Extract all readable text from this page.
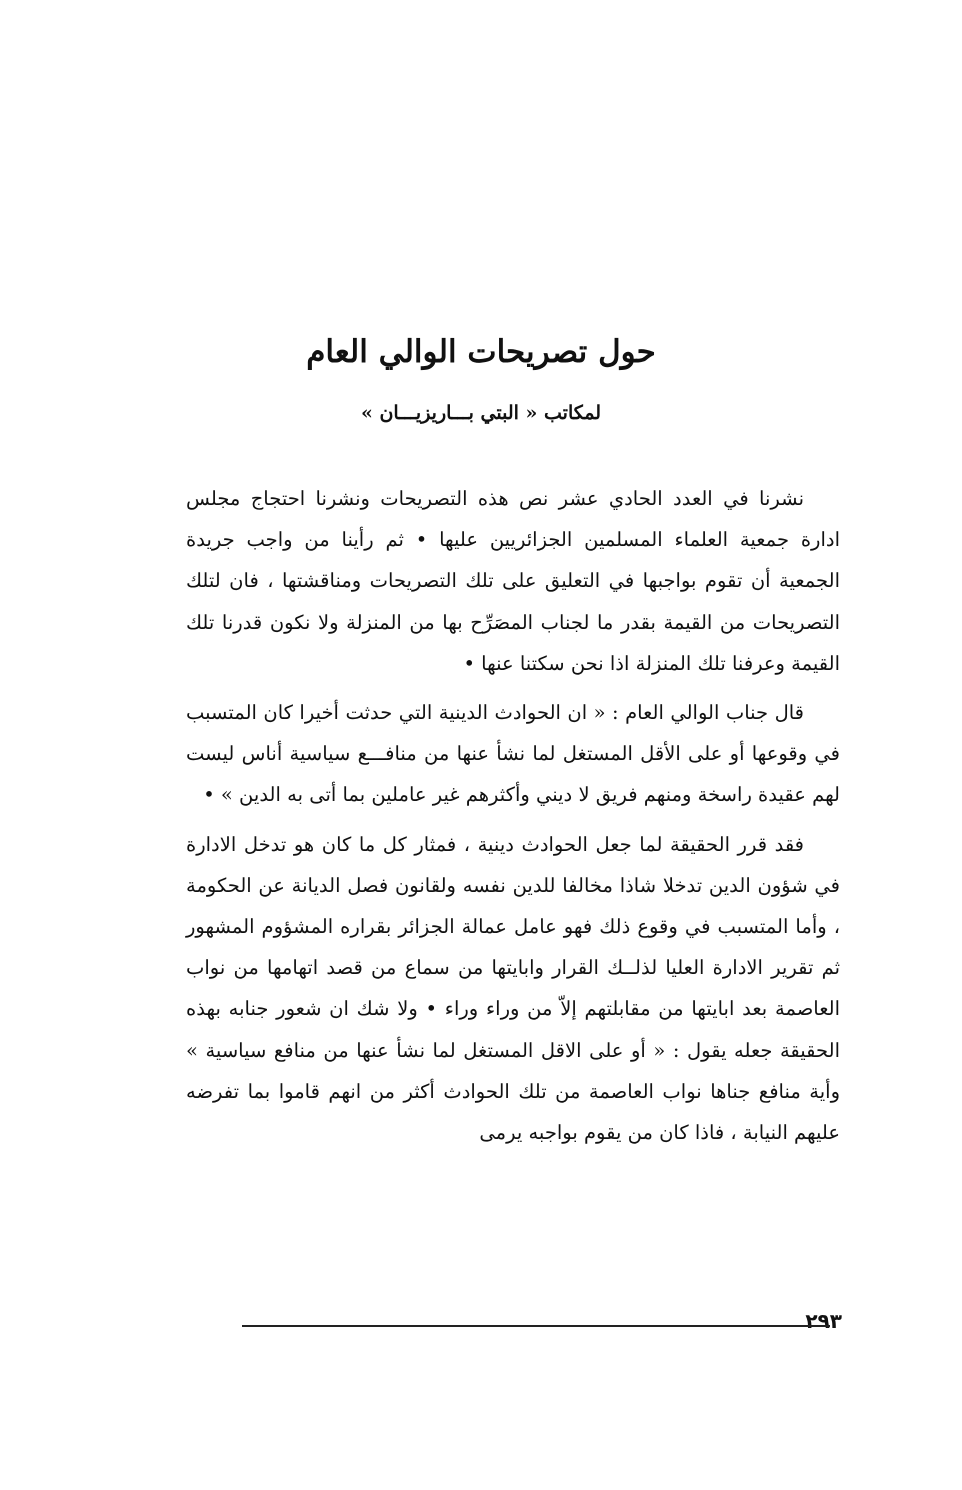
حول تصريحات الوالي العام

لمكاتب « البتي بـــاريزيـــان »

نشرنا في العدد الحادي عشر نص هذه التصريحات ونشرنا احتجاج مجلس ادارة جمعية العلماء المسلمين الجزائريين عليها • ثم رأينا من واجب جريدة الجمعية أن تقوم بواجبها في التعليق على تلك التصريحات ومناقشتها ، فان لتلك التصريحات من القيمة بقدر ما لجناب المصَرِّح بها من المنزلة ولا نكون قدرنا تلك القيمة وعرفنا تلك المنزلة اذا نحن سكتنا عنها •

قال جناب الوالي العام : « ان الحوادث الدينية التي حدثت أخيرا كان المتسبب في وقوعها أو على الأقل المستغل لما نشأ عنها من منافـــع سياسية أناس ليست لهم عقيدة راسخة ومنهم فريق لا ديني وأكثرهم غير عاملين بما أتى به الدين » •

فقد قرر الحقيقة لما جعل الحوادث دينية ، فمثار كل ما كان هو تدخل الادارة في شؤون الدين تدخلا شاذا مخالفا للدين نفسه ولقانون فصل الديانة عن الحكومة ، وأما المتسبب في وقوع ذلك فهو عامل عمالة الجزائر بقراره المشؤوم المشهور ثم تقرير الادارة العليا لذلــك القرار وابايتها من سماع من قصد اتهامها من نواب العاصمة بعد ابايتها من مقابلتهم إلاّ من وراء وراء • ولا شك ان شعور جنابه بهذه الحقيقة جعله يقول : « أو على الاقل المستغل لما نشأ عنها من منافع سياسية » وأية منافع جناها نواب العاصمة من تلك الحوادث أكثر من انهم قاموا بما تفرضه عليهم النيابة ، فاذا كان من يقوم بواجبه يرمى

٢٩٣
